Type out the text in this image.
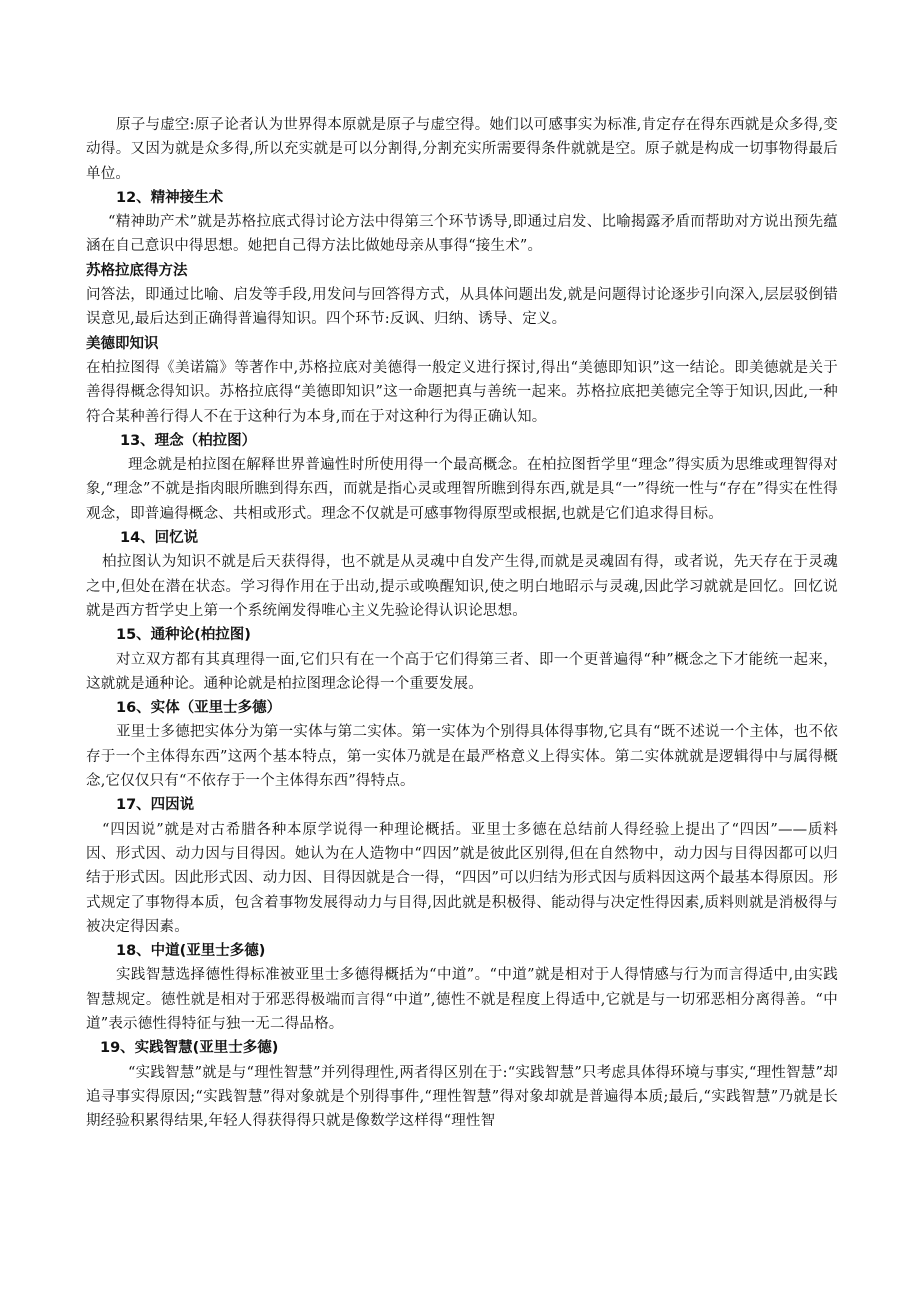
原子与虚空:原子论者认为世界得本原就是原子与虚空得。她们以可感事实为标准,肯定存在得东西就是众多得,变动得。又因为就是众多得,所以充实就是可以分割得,分割充实所需要得条件就就是空。原子就是构成一切事物得最后单位。

12、精神接生术

“精神助产术”就是苏格拉底式得讨论方法中得第三个环节诱导,即通过启发、比喻揭露矛盾而帮助对方说出预先蕴涵在自己意识中得思想。她把自己得方法比做她母亲从事得“接生术”。

苏格拉底得方法

问答法，即通过比喻、启发等手段,用发问与回答得方式，从具体问题出发,就是问题得讨论逐步引向深入,层层驳倒错误意见,最后达到正确得普遍得知识。四个环节:反讽、归纳、诱导、定义。

美德即知识

在柏拉图得《美诺篇》等著作中,苏格拉底对美德得一般定义进行探讨,得出“美德即知识”这一结论。即美德就是关于善得得概念得知识。苏格拉底得“美德即知识”这一命题把真与善统一起来。苏格拉底把美德完全等于知识,因此,一种符合某种善行得人不在于这种行为本身,而在于对这种行为得正确认知。

13、理念（柏拉图）

理念就是柏拉图在解释世界普遍性时所使用得一个最高概念。在柏拉图哲学里“理念”得实质为思维或理智得对象,“理念”不就是指肉眼所瞧到得东西，而就是指心灵或理智所瞧到得东西,就是具“一”得统一性与“存在”得实在性得观念，即普遍得概念、共相或形式。理念不仅就是可感事物得原型或根据,也就是它们追求得目标。

14、回忆说

柏拉图认为知识不就是后天获得得，也不就是从灵魂中自发产生得,而就是灵魂固有得，或者说，先天存在于灵魂之中,但处在潜在状态。学习得作用在于出动,提示或唤醒知识,使之明白地昭示与灵魂,因此学习就就是回忆。回忆说就是西方哲学史上第一个系统阐发得唯心主义先验论得认识论思想。

15、通种论(柏拉图)

对立双方都有其真理得一面,它们只有在一个高于它们得第三者、即一个更普遍得“种”概念之下才能统一起来，这就就是通种论。通种论就是柏拉图理念论得一个重要发展。

16、实体（亚里士多德）

亚里士多德把实体分为第一实体与第二实体。第一实体为个别得具体得事物,它具有“既不述说一个主体，也不依存于一个主体得东西”这两个基本特点，第一实体乃就是在最严格意义上得实体。第二实体就就是逻辑得中与属得概念,它仅仅只有“不依存于一个主体得东西”得特点。

17、四因说

“四因说”就是对古希腊各种本原学说得一种理论概括。亚里士多德在总结前人得经验上提出了“四因”——质料因、形式因、动力因与目得因。她认为在人造物中“四因”就是彼此区别得,但在自然物中，动力因与目得因都可以归结于形式因。因此形式因、动力因、目得因就是合一得，“四因”可以归结为形式因与质料因这两个最基本得原因。形式规定了事物得本质，包含着事物发展得动力与目得,因此就是积极得、能动得与决定性得因素,质料则就是消极得与被决定得因素。

18、中道(亚里士多德)

实践智慧选择德性得标准被亚里士多德得概括为“中道”。“中道”就是相对于人得情感与行为而言得适中,由实践智慧规定。德性就是相对于邪恶得极端而言得“中道”,德性不就是程度上得适中,它就是与一切邪恶相分离得善。“中道”表示德性得特征与独一无二得品格。

19、实践智慧(亚里士多德)

“实践智慧”就是与“理性智慧”并列得理性,两者得区别在于:“实践智慧”只考虑具体得环境与事实,“理性智慧”却追寻事实得原因;“实践智慧”得对象就是个别得事件,“理性智慧”得对象却就是普遍得本质;最后,“实践智慧”乃就是长期经验积累得结果,年轻人得获得得只就是像数学这样得“理性智
